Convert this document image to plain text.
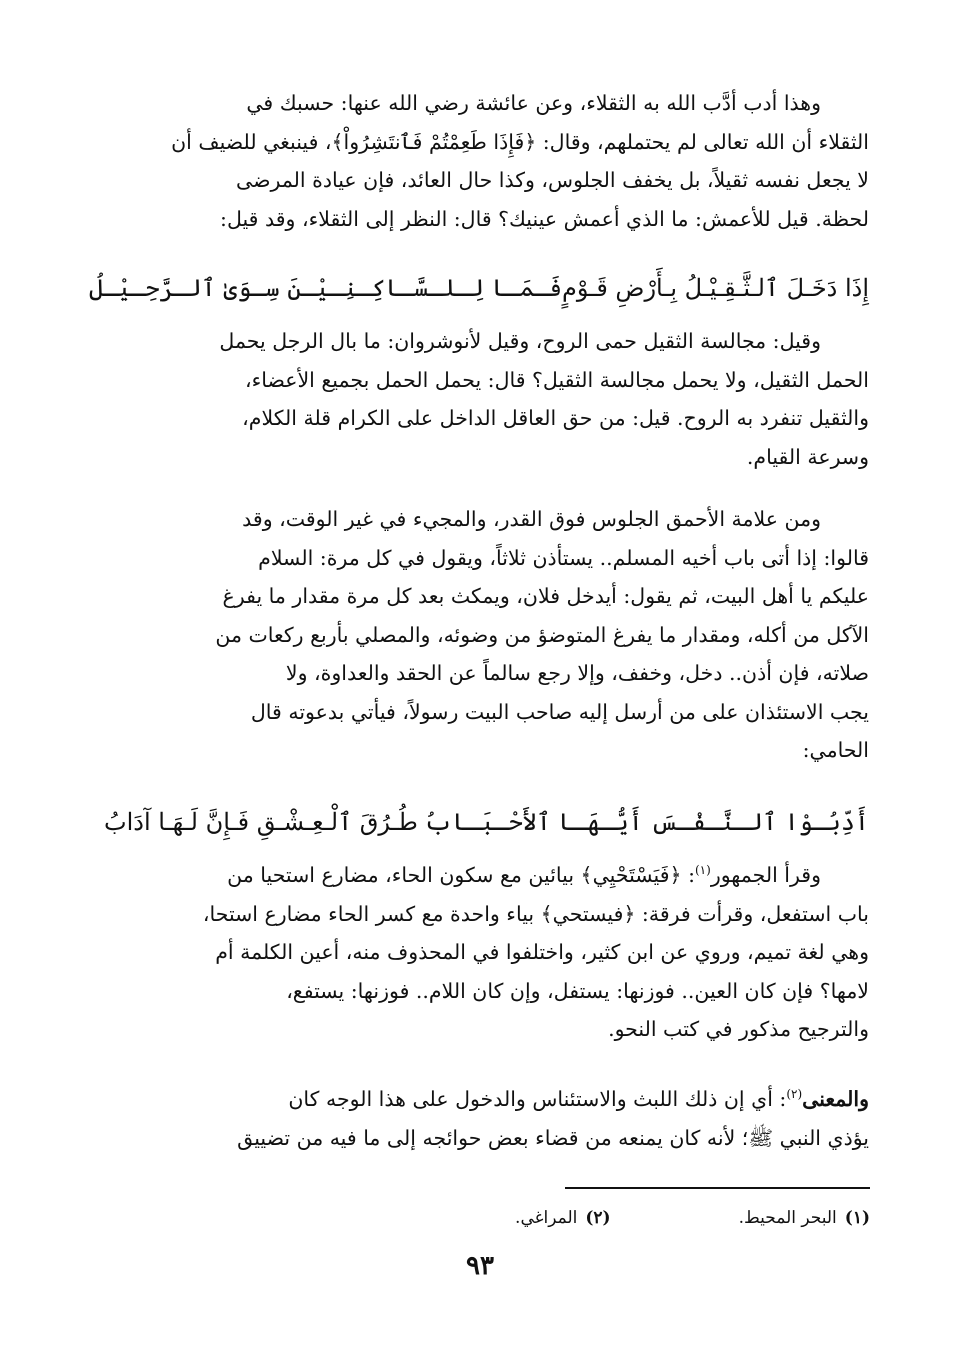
وهذا أدب أدَّب الله به الثقلاء، وعن عائشة رضي الله عنها: حسبك في

الثقلاء أن الله تعالى لم يحتملهم، وقال: ﴿فَإِذَا طَعِمْتُمْ فَٱنتَشِرُواْ﴾، فينبغي للضيف أن

لا يجعل نفسه ثقيلاً، بل يخفف الجلوس، وكذا حال العائد، فإن عيادة المرضى

لحظة. قيل للأعمش: ما الذي أعمش عينيك؟ قال: النظر إلى الثقلاء، وقد قيل:

إِذَا دَخَـلَ ٱلـثَّـقِـيْـلُ بِـأَرْضِ قَـوْمٍ
فَـمَـا لِـلـسَّـاكِـنِـيْـنَ سِـوَىٰ ٱلـرَّحِـيْـلُ

وقيل: مجالسة الثقيل حمى الروح، وقيل لأنوشروان: ما بال الرجل يحمل

الحمل الثقيل، ولا يحمل مجالسة الثقيل؟ قال: يحمل الحمل بجميع الأعضاء،

والثقيل تنفرد به الروح. قيل: من حق العاقل الداخل على الكرام قلة الكلام،

وسرعة القيام.

ومن علامة الأحمق الجلوس فوق القدر، والمجيء في غير الوقت، وقد

قالوا: إذا أتى باب أخيه المسلم.. يستأذن ثلاثاً، ويقول في كل مرة: السلام

عليكم يا أهل البيت، ثم يقول: أيدخل فلان، ويمكث بعد كل مرة مقدار ما يفرغ

الآكل من أكله، ومقدار ما يفرغ المتوضؤ من وضوئه، والمصلي بأربع ركعات من

صلاته، فإن أذن.. دخل، وخفف، وإلا رجع سالماً عن الحقد والعداوة، ولا

يجب الاستئذان على من أرسل إليه صاحب البيت رسولاً، فيأتي بدعوته قال

الحامي:

أَدِّبُـوْا ٱلـنَّـفْـسَ أَيُّـهَـا ٱلأَحْـبَـابُ
طُـرُقَ ٱلْـعِـشْـقِ فَـإِنَّ لَـهَـا آدَابُ

وقرأ الجمهور$^{(١)}$: ﴿فَيَسْتَحْيِي﴾ بيائين مع سكون الحاء، مضارع استحيا من

باب استفعل، وقرأت فرقة: ﴿فيستحي﴾ بياء واحدة مع كسر الحاء مضارع استحا،

وهي لغة تميم، وروي عن ابن كثير، واختلفوا في المحذوف منه، أعين الكلمة أم

لامها؟ فإن كان العين.. فوزنها: يستفل، وإن كان اللام.. فوزنها: يستفع،

والترجيح مذكور في كتب النحو.

والمعنى$^{(٢)}$: أي إن ذلك اللبث والاستئناس والدخول على هذا الوجه كان

يؤذي النبي ﷺ؛ لأنه كان يمنعه من قضاء بعض حوائجه إلى ما فيه من تضييق

(١)البحر المحيط.
(٢)المراغي.
٩٣
